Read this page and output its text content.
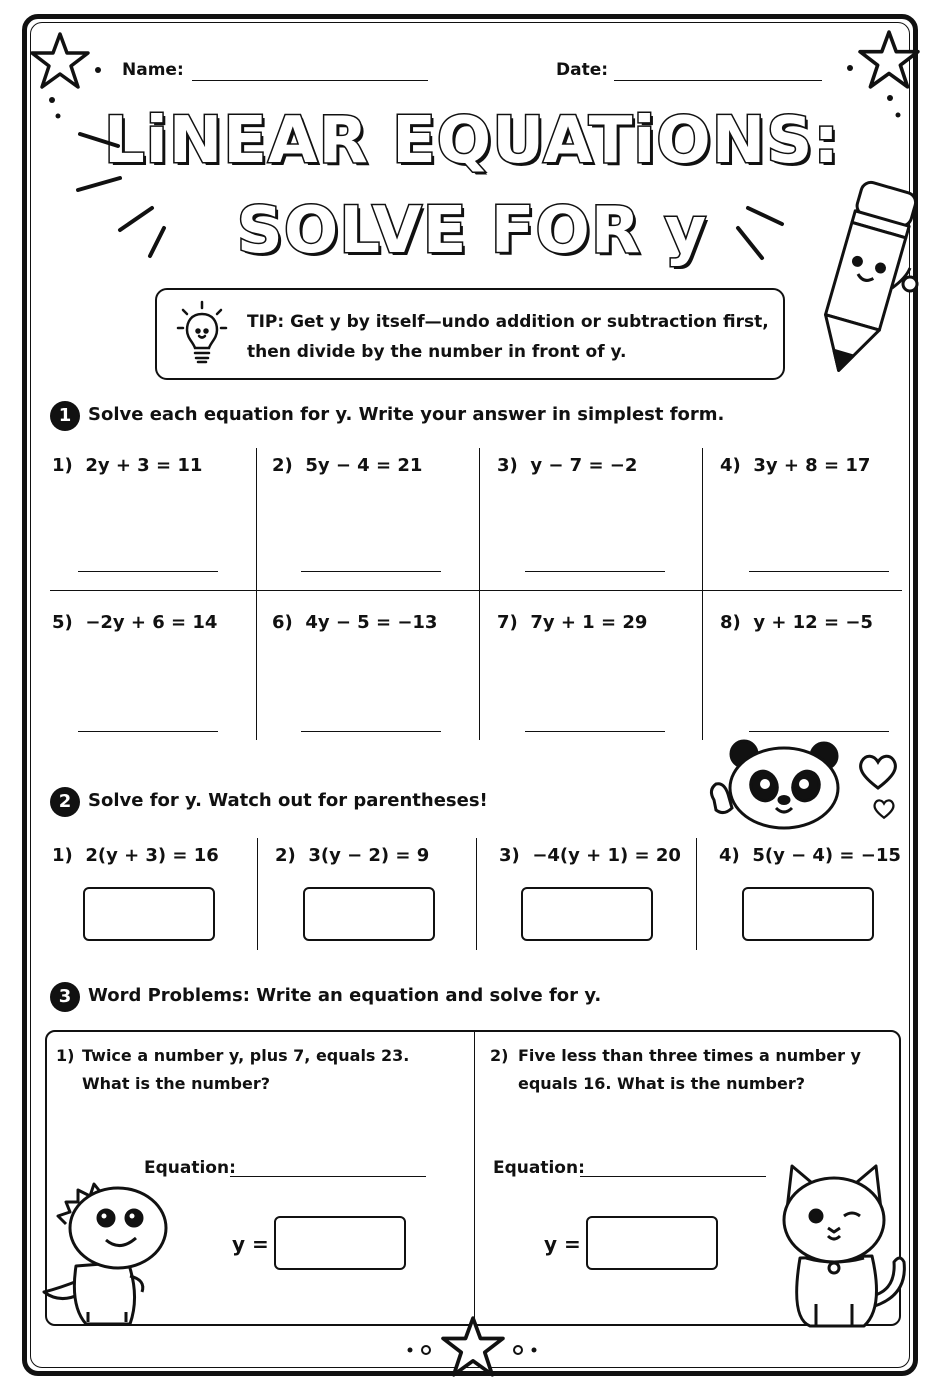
Name:	Date:
LiNEAR EQUATiONS:
SOLVE FOR y
TIP: Get y by itself—undo addition or subtraction first,
then divide by the number in front of y.
1 Solve each equation for y. Write your answer in simplest form.
1) 2y + 3 = 11	2) 5y − 4 = 21	3) y − 7 = −2	4) 3y + 8 = 17
5) −2y + 6 = 14	6) 4y − 5 = −13	7) 7y + 1 = 29	8) y + 12 = −5
2 Solve for y. Watch out for parentheses!
1) 2(y + 3) = 16	2) 3(y − 2) = 9	3) −4(y + 1) = 20 4) 5(y − 4) = −15
3 Word Problems: Write an equation and solve for y.
1) Twice a number y, plus 7, equals 23.
What is the number?
Equation:
y =
2) Five less than three times a number y
equals 16. What is the number?
Equation:
y =
